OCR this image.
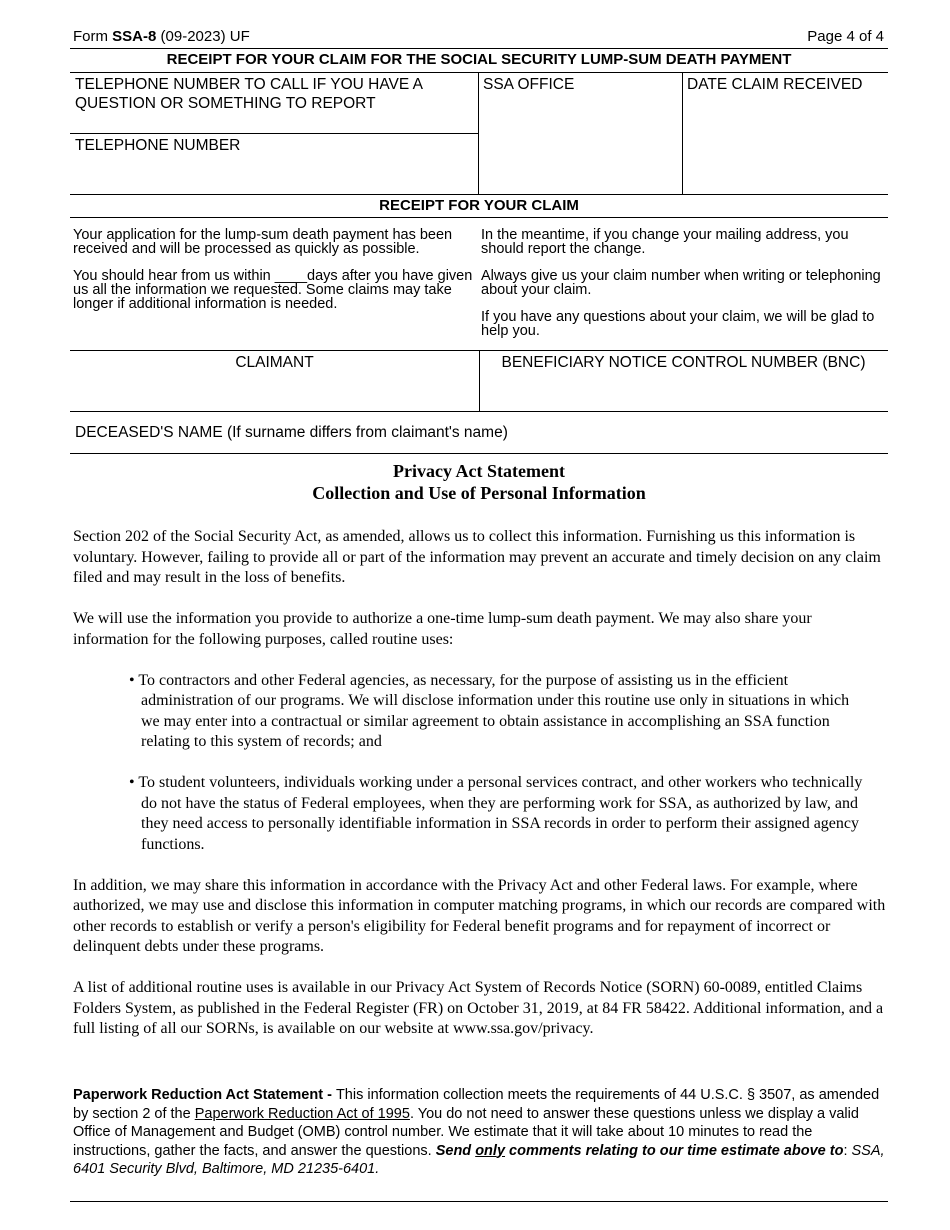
Form SSA-8 (09-2023) UF	Page 4 of 4
RECEIPT FOR YOUR CLAIM FOR THE SOCIAL SECURITY LUMP-SUM DEATH PAYMENT
TELEPHONE NUMBER TO CALL IF YOU HAVE A QUESTION OR SOMETHING TO REPORT
TELEPHONE NUMBER
SSA OFFICE	DATE CLAIM RECEIVED
RECEIPT FOR YOUR CLAIM

Your application for the lump-sum death payment has been received and will be processed as quickly as possible.

You should hear from us within ____days after you have given us all the information we requested. Some claims may take longer if additional information is needed.

In the meantime, if you change your mailing address, you should report the change.

Always give us your claim number when writing or telephoning about your claim.

If you have any questions about your claim, we will be glad to help you.

CLAIMANT	BENEFICIARY NOTICE CONTROL NUMBER (BNC)
DECEASED'S NAME (If surname differs from claimant's name)
Privacy Act Statement
Collection and Use of Personal Information

Section 202 of the Social Security Act, as amended, allows us to collect this information. Furnishing us this information is voluntary. However, failing to provide all or part of the information may prevent an accurate and timely decision on any claim filed and may result in the loss of benefits.

We will use the information you provide to authorize a one-time lump-sum death payment. We may also share your information for the following purposes, called routine uses:

• To contractors and other Federal agencies, as necessary, for the purpose of assisting us in the efficient administration of our programs. We will disclose information under this routine use only in situations in which we may enter into a contractual or similar agreement to obtain assistance in accomplishing an SSA function relating to this system of records; and

• To student volunteers, individuals working under a personal services contract, and other workers who technically do not have the status of Federal employees, when they are performing work for SSA, as authorized by law, and they need access to personally identifiable information in SSA records in order to perform their assigned agency functions.

In addition, we may share this information in accordance with the Privacy Act and other Federal laws. For example, where authorized, we may use and disclose this information in computer matching programs, in which our records are compared with other records to establish or verify a person's eligibility for Federal benefit programs and for repayment of incorrect or delinquent debts under these programs.

A list of additional routine uses is available in our Privacy Act System of Records Notice (SORN) 60-0089, entitled Claims Folders System, as published in the Federal Register (FR) on October 31, 2019, at 84 FR 58422. Additional information, and a full listing of all our SORNs, is available on our website at www.ssa.gov/privacy.

Paperwork Reduction Act Statement - This information collection meets the requirements of 44 U.S.C. § 3507, as amended by section 2 of the Paperwork Reduction Act of 1995. You do not need to answer these questions unless we display a valid Office of Management and Budget (OMB) control number. We estimate that it will take about 10 minutes to read the instructions, gather the facts, and answer the questions. Send only comments relating to our time estimate above to: SSA, 6401 Security Blvd, Baltimore, MD 21235-6401.
